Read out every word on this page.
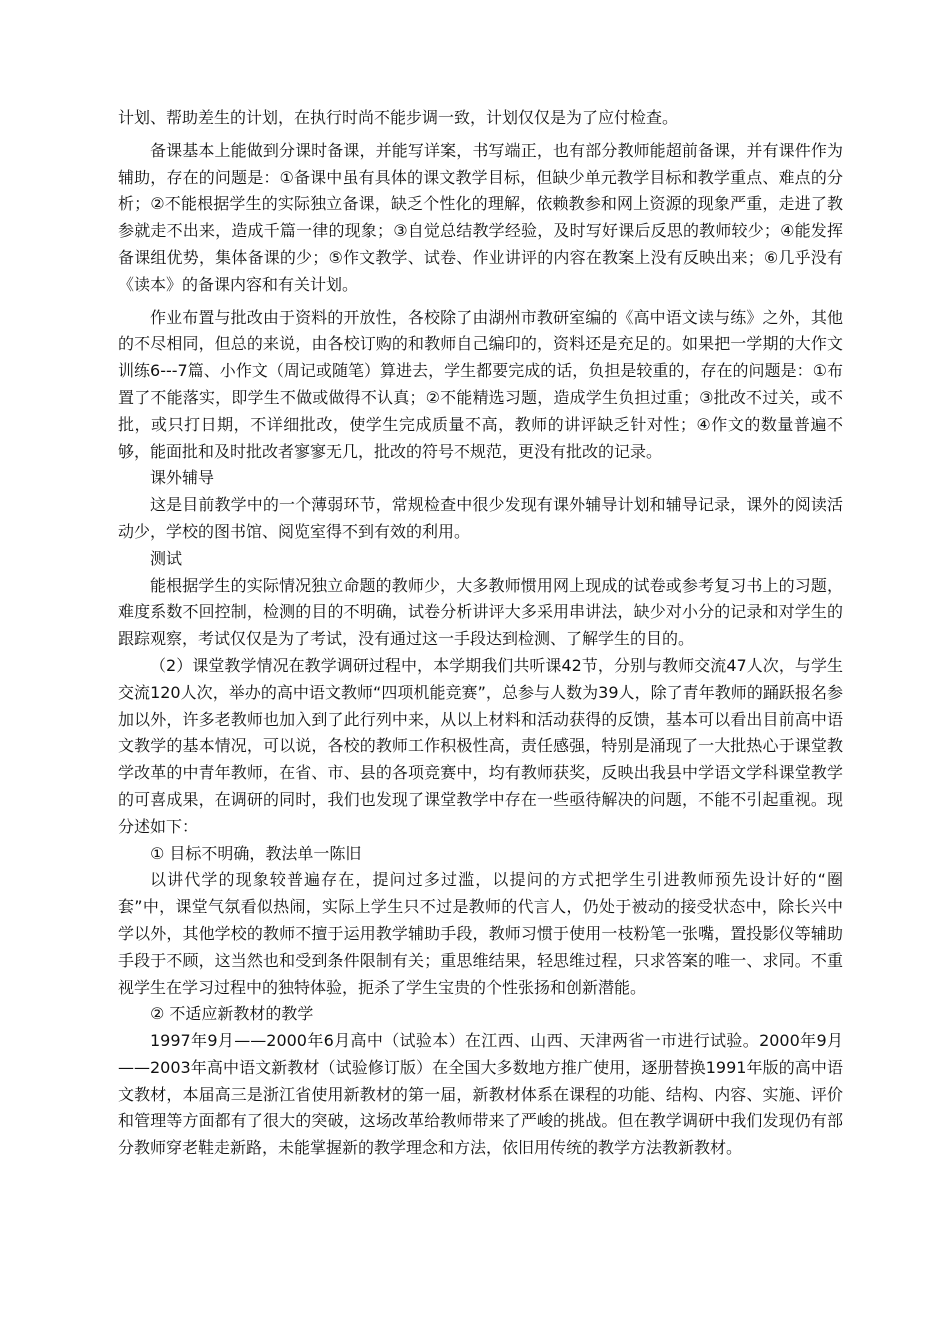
计划、帮助差生的计划，在执行时尚不能步调一致，计划仅仅是为了应付检查。

备课基本上能做到分课时备课，并能写详案，书写端正，也有部分教师能超前备课，并有课件作为辅助，存在的问题是：①备课中虽有具体的课文教学目标，但缺少单元教学目标和教学重点、难点的分析；②不能根据学生的实际独立备课，缺乏个性化的理解，依赖教参和网上资源的现象严重，走进了教参就走不出来，造成千篇一律的现象；③自觉总结教学经验，及时写好课后反思的教师较少；④能发挥备课组优势，集体备课的少；⑤作文教学、试卷、作业讲评的内容在教案上没有反映出来；⑥几乎没有《读本》的备课内容和有关计划。

作业布置与批改由于资料的开放性，各校除了由湖州市教研室编的《高中语文读与练》之外，其他的不尽相同，但总的来说，由各校订购的和教师自己编印的，资料还是充足的。如果把一学期的大作文训练6---7篇、小作文（周记或随笔）算进去，学生都要完成的话，负担是较重的，存在的问题是：①布置了不能落实，即学生不做或做得不认真；②不能精选习题，造成学生负担过重；③批改不过关，或不批，或只打日期，不详细批改，使学生完成质量不高，教师的讲评缺乏针对性；④作文的数量普遍不够，能面批和及时批改者寥寥无几，批改的符号不规范，更没有批改的记录。

课外辅导

这是目前教学中的一个薄弱环节，常规检查中很少发现有课外辅导计划和辅导记录，课外的阅读活动少，学校的图书馆、阅览室得不到有效的利用。

测试

能根据学生的实际情况独立命题的教师少，大多教师惯用网上现成的试卷或参考复习书上的习题，难度系数不回控制，检测的目的不明确，试卷分析讲评大多采用串讲法，缺少对小分的记录和对学生的跟踪观察，考试仅仅是为了考试，没有通过这一手段达到检测、了解学生的目的。

（2）课堂教学情况在教学调研过程中，本学期我们共听课42节，分别与教师交流47人次，与学生交流120人次，举办的高中语文教师“四项机能竞赛”，总参与人数为39人，除了青年教师的踊跃报名参加以外，许多老教师也加入到了此行列中来，从以上材料和活动获得的反馈，基本可以看出目前高中语文教学的基本情况，可以说，各校的教师工作积极性高，责任感强，特别是涌现了一大批热心于课堂教学改革的中青年教师，在省、市、县的各项竞赛中，均有教师获奖，反映出我县中学语文学科课堂教学的可喜成果，在调研的同时，我们也发现了课堂教学中存在一些亟待解决的问题，不能不引起重视。现分述如下：

① 目标不明确，教法单一陈旧

以讲代学的现象较普遍存在，提问过多过滥，以提问的方式把学生引进教师预先设计好的“圈套”中，课堂气氛看似热闹，实际上学生只不过是教师的代言人，仍处于被动的接受状态中，除长兴中学以外，其他学校的教师不擅于运用教学辅助手段，教师习惯于使用一枝粉笔一张嘴，置投影仪等辅助手段于不顾，这当然也和受到条件限制有关；重思维结果，轻思维过程，只求答案的唯一、求同。不重视学生在学习过程中的独特体验，扼杀了学生宝贵的个性张扬和创新潜能。

② 不适应新教材的教学

1997年9月——2000年6月高中（试验本）在江西、山西、天津两省一市进行试验。2000年9月——2003年高中语文新教材（试验修订版）在全国大多数地方推广使用，逐册替换1991年版的高中语文教材，本届高三是浙江省使用新教材的第一届，新教材体系在课程的功能、结构、内容、实施、评价和管理等方面都有了很大的突破，这场改革给教师带来了严峻的挑战。但在教学调研中我们发现仍有部分教师穿老鞋走新路，未能掌握新的教学理念和方法，依旧用传统的教学方法教新教材。
